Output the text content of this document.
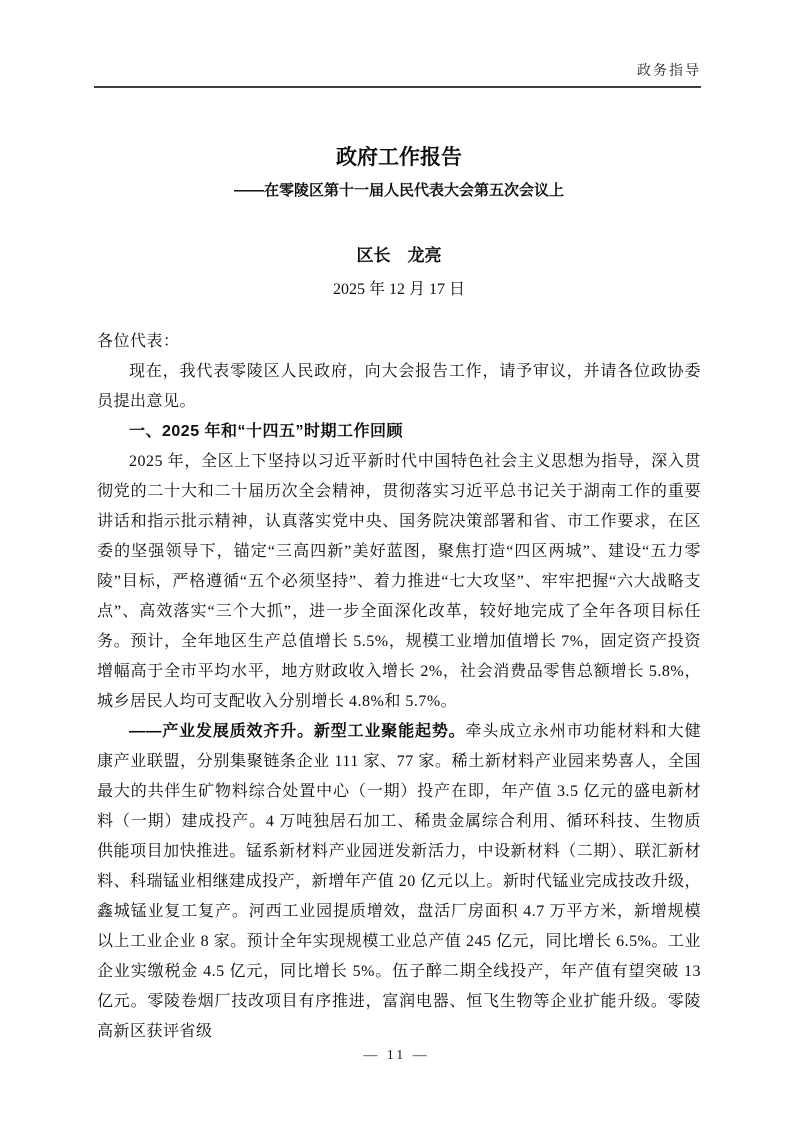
政务指导
政府工作报告
——在零陵区第十一届人民代表大会第五次会议上
区长　龙亮
2025 年 12 月 17 日

各位代表：

现在，我代表零陵区人民政府，向大会报告工作，请予审议，并请各位政协委员提出意见。

一、2025 年和“十四五”时期工作回顾

2025 年，全区上下坚持以习近平新时代中国特色社会主义思想为指导，深入贯彻党的二十大和二十届历次全会精神，贯彻落实习近平总书记关于湖南工作的重要讲话和指示批示精神，认真落实党中央、国务院决策部署和省、市工作要求，在区委的坚强领导下，锚定“三高四新”美好蓝图，聚焦打造“四区两城”、建设“五力零陵”目标，严格遵循“五个必须坚持”、着力推进“七大攻坚”、牢牢把握“六大战略支点”、高效落实“三个大抓”，进一步全面深化改革，较好地完成了全年各项目标任务。预计，全年地区生产总值增长 5.5%，规模工业增加值增长 7%，固定资产投资增幅高于全市平均水平，地方财政收入增长 2%，社会消费品零售总额增长 5.8%，城乡居民人均可支配收入分别增长 4.8%和 5.7%。

——产业发展质效齐升。新型工业聚能起势。牵头成立永州市功能材料和大健康产业联盟，分别集聚链条企业 111 家、77 家。稀土新材料产业园来势喜人，全国最大的共伴生矿物料综合处置中心（一期）投产在即，年产值 3.5 亿元的盛电新材料（一期）建成投产。4 万吨独居石加工、稀贵金属综合利用、循环科技、生物质供能项目加快推进。锰系新材料产业园迸发新活力，中设新材料（二期）、联汇新材料、科瑞锰业相继建成投产，新增年产值 20 亿元以上。新时代锰业完成技改升级，鑫城锰业复工复产。河西工业园提质增效，盘活厂房面积 4.7 万平方米，新增规模以上工业企业 8 家。预计全年实现规模工业总产值 245 亿元，同比增长 6.5%。工业企业实缴税金 4.5 亿元，同比增长 5%。伍子醉二期全线投产，年产值有望突破 13 亿元。零陵卷烟厂技改项目有序推进，富润电器、恒飞生物等企业扩能升级。零陵高新区获评省级

— 11 —
